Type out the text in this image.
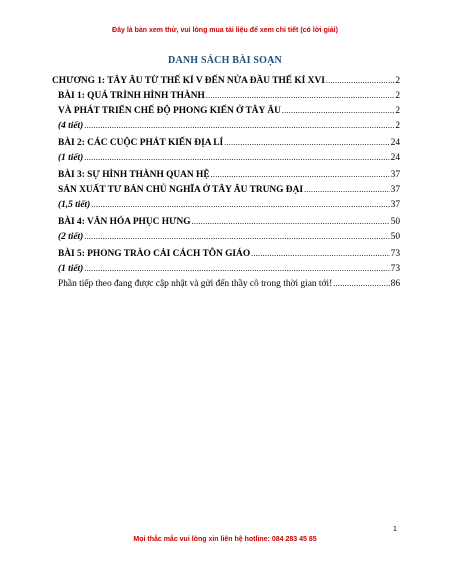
Đây là bản xem thử, vui lòng mua tài liệu để xem chi tiết (có lời giải)
DANH SÁCH BÀI SOẠN
CHƯƠNG 1: TÂY ÂU TỪ THẾ KỈ V ĐẾN NỬA ĐẦU THẾ KỈ XVI .....	2
BÀI 1: QUÁ TRÌNH HÌNH THÀNH .....	2
VÀ PHÁT TRIỂN CHẾ ĐỘ PHONG KIẾN Ở TÂY ÂU .....	2
(4 tiết) .....	2
BÀI 2: CÁC CUỘC PHÁT KIẾN ĐỊA LÍ .....	24
(1 tiết) .....	24
BÀI 3: SỰ HÌNH THÀNH QUAN HỆ .....	37
SẢN XUẤT TƯ BẢN CHỦ NGHĨA Ở TÂY ÂU TRUNG ĐẠI .....	37
(1,5 tiết) .....	37
BÀI 4: VĂN HÓA PHỤC HƯNG .....	50
(2 tiết) .....	50
BÀI 5: PHONG TRÀO CẢI CÁCH TÔN GIÁO .....	73
(1 tiết) .....	73
Phần tiếp theo đang được cập nhật và gửi đến thầy cô trong thời gian tới! .....	86
1
Mọi thắc mắc vui lòng xin liên hệ hotline: 084 283 45 85
